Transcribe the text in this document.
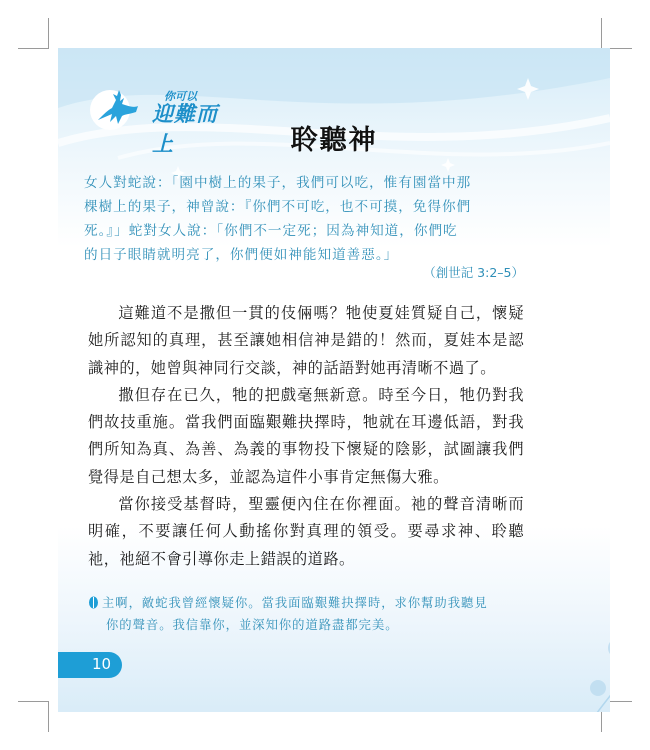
你可以
迎難而上	聆聽神
女人對蛇說：「園中樹上的果子，我們可以吃，惟有園當中那
棵樹上的果子，神曾說：『你們不可吃，也不可摸，免得你們
死。』」蛇對女人說：「你們不一定死；因為神知道，你們吃
的日子眼睛就明亮了，你們便如神能知道善惡。」
（創世記 3:2–5）

這難道不是撒但一貫的伎倆嗎？牠使夏娃質疑自己，懷疑她所認知的真理，甚至讓她相信神是錯的！然而，夏娃本是認識神的，她曾與神同行交談，神的話語對她再清晰不過了。

撒但存在已久，牠的把戲毫無新意。時至今日，牠仍對我們故技重施。當我們面臨艱難抉擇時，牠就在耳邊低語，對我們所知為真、為善、為義的事物投下懷疑的陰影，試圖讓我們覺得是自己想太多，並認為這件小事肯定無傷大雅。

當你接受基督時，聖靈便內住在你裡面。祂的聲音清晰而明確，不要讓任何人動搖你對真理的領受。要尋求神、聆聽祂，祂絕不會引導你走上錯誤的道路。

主啊，敵蛇我曾經懷疑你。當我面臨艱難抉擇時，求你幫助我聽見
你的聲音。我信靠你，並深知你的道路盡都完美。
10
